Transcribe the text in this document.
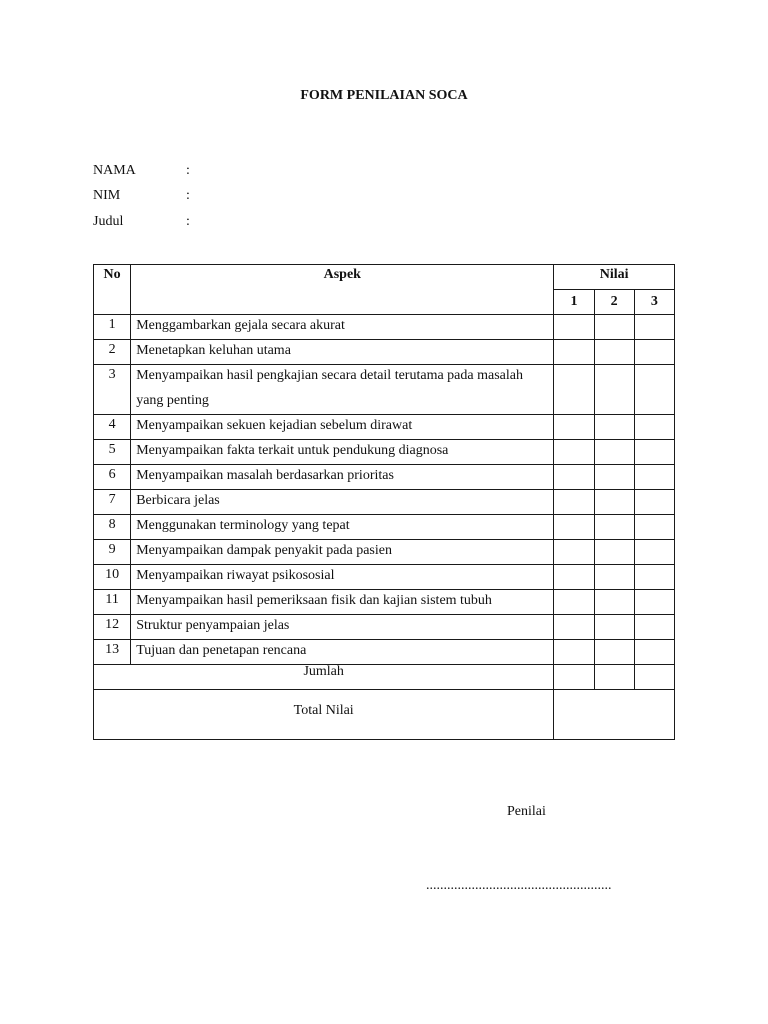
FORM PENILAIAN SOCA
NAMA	:
NIM	:
Judul	:
No	Aspek	Nilai		
		1	2	3
1	Menggambarkan gejala secara akurat			

2	Menetapkan keluhan utama			

3	Menyampaikan hasil pengkajian secara detail terutama pada masalah yang penting			

4	Menyampaikan sekuen kejadian sebelum dirawat			

5	Menyampaikan fakta terkait untuk pendukung diagnosa			

6	Menyampaikan masalah berdasarkan prioritas			

7	Berbicara jelas			

8	Menggunakan terminology yang tepat			

9	Menyampaikan dampak penyakit pada pasien			

10	Menyampaikan riwayat psikososial			

11	Menyampaikan hasil pemeriksaan fisik dan kajian sistem tubuh			

12	Struktur penyampaian jelas			

13	Tujuan dan penetapan rencana			

Jumlah				

Total Nilai				

Penilai
.....................................................
